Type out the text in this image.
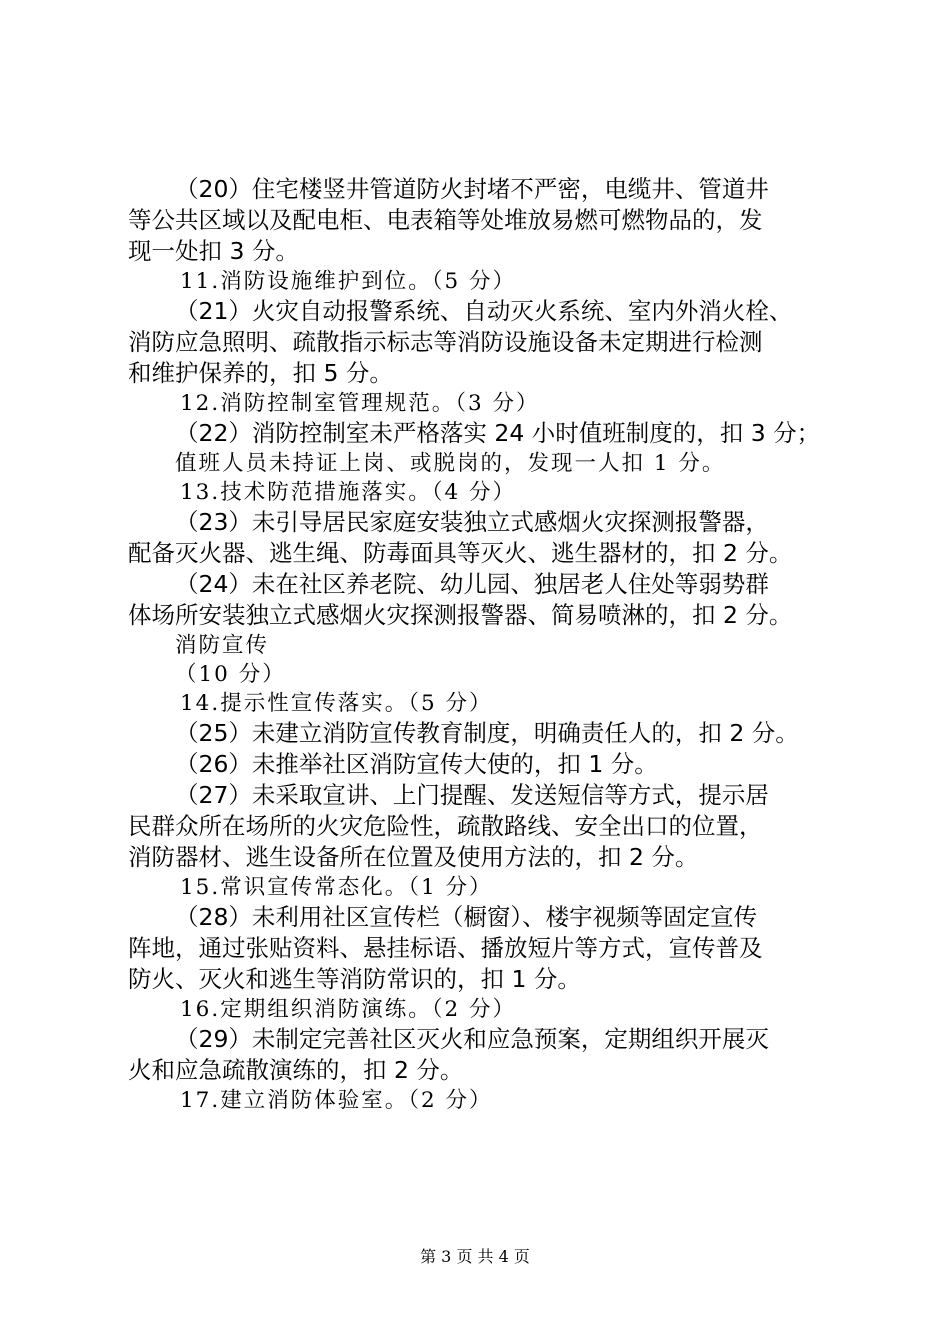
（20）住宅楼竖井管道防火封堵不严密，电缆井、管道井

等公共区域以及配电柜、电表箱等处堆放易燃可燃物品的，发

现一处扣 3 分。

11.消防设施维护到位。（5 分）

（21）火灾自动报警系统、自动灭火系统、室内外消火栓、

消防应急照明、疏散指示标志等消防设施设备未定期进行检测

和维护保养的，扣 5 分。

12.消防控制室管理规范。（3 分）

（22）消防控制室未严格落实 24 小时值班制度的，扣 3 分；

值班人员未持证上岗、或脱岗的，发现一人扣 1 分。

13.技术防范措施落实。（4 分）

（23）未引导居民家庭安装独立式感烟火灾探测报警器，

配备灭火器、逃生绳、防毒面具等灭火、逃生器材的，扣 2 分。

（24）未在社区养老院、幼儿园、独居老人住处等弱势群

体场所安装独立式感烟火灾探测报警器、简易喷淋的，扣 2 分。

消防宣传

（10 分）

14.提示性宣传落实。（5 分）

（25）未建立消防宣传教育制度，明确责任人的，扣 2 分。

（26）未推举社区消防宣传大使的，扣 1 分。

（27）未采取宣讲、上门提醒、发送短信等方式，提示居

民群众所在场所的火灾危险性，疏散路线、安全出口的位置，

消防器材、逃生设备所在位置及使用方法的，扣 2 分。

15.常识宣传常态化。（1 分）

（28）未利用社区宣传栏（橱窗）、楼宇视频等固定宣传

阵地，通过张贴资料、悬挂标语、播放短片等方式，宣传普及

防火、灭火和逃生等消防常识的，扣 1 分。

16.定期组织消防演练。（2 分）

（29）未制定完善社区灭火和应急预案，定期组织开展灭

火和应急疏散演练的，扣 2 分。

17.建立消防体验室。（2 分）

第 3 页 共 4 页
